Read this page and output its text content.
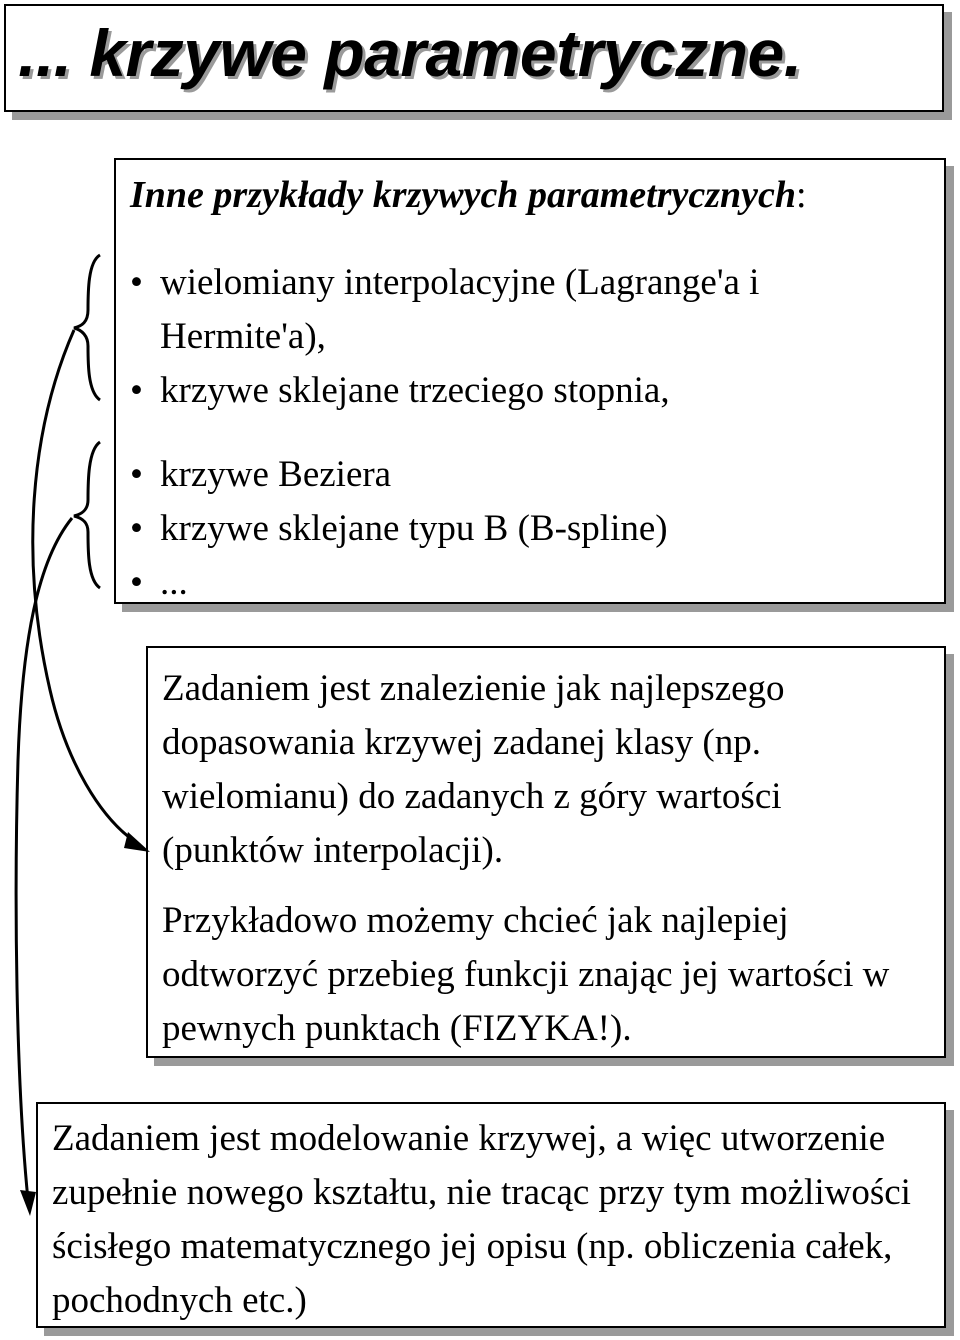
... krzywe parametryczne.
Inne przykłady krzywych parametrycznych:
• wielomiany interpolacyjne (Lagrange'a i Hermite'a),
• krzywe sklejane trzeciego stopnia,
• krzywe Beziera
• krzywe sklejane typu B (B-spline)
• ...

Zadaniem jest znalezienie jak najlepszego dopasowania krzywej zadanej klasy (np. wielomianu) do zadanych z góry wartości (punktów interpolacji).

Przykładowo możemy chcieć jak najlepiej odtworzyć przebieg funkcji znając jej wartości w pewnych punktach (FIZYKA!).

Zadaniem jest modelowanie krzywej, a więc utworzenie zupełnie nowego kształtu, nie tracąc przy tym możliwości ścisłego matematycznego jej opisu (np. obliczenia całek, pochodnych etc.)
